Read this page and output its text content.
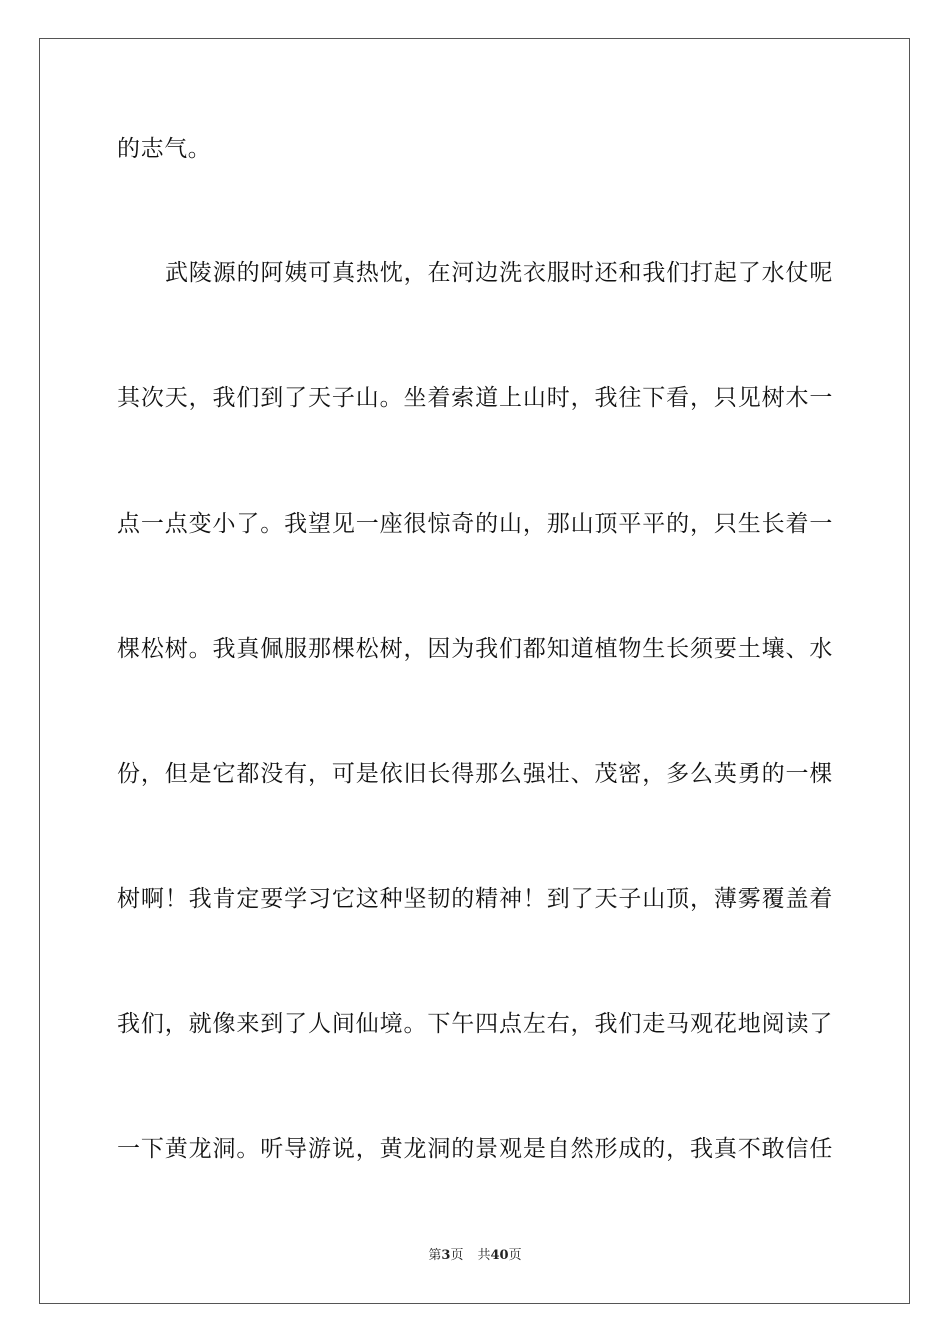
的志气。
武陵源的阿姨可真热忱，在河边洗衣服时还和我们打起了水仗呢
其次天，我们到了天子山。坐着索道上山时，我往下看，只见树木一
点一点变小了。我望见一座很惊奇的山，那山顶平平的，只生长着一
棵松树。我真佩服那棵松树，因为我们都知道植物生长须要土壤、水
份，但是它都没有，可是依旧长得那么强壮、茂密，多么英勇的一棵
树啊！我肯定要学习它这种坚韧的精神！到了天子山顶，薄雾覆盖着
我们，就像来到了人间仙境。下午四点左右，我们走马观花地阅读了
一下黄龙洞。听导游说，黄龙洞的景观是自然形成的，我真不敢信任
第3页 共40页
